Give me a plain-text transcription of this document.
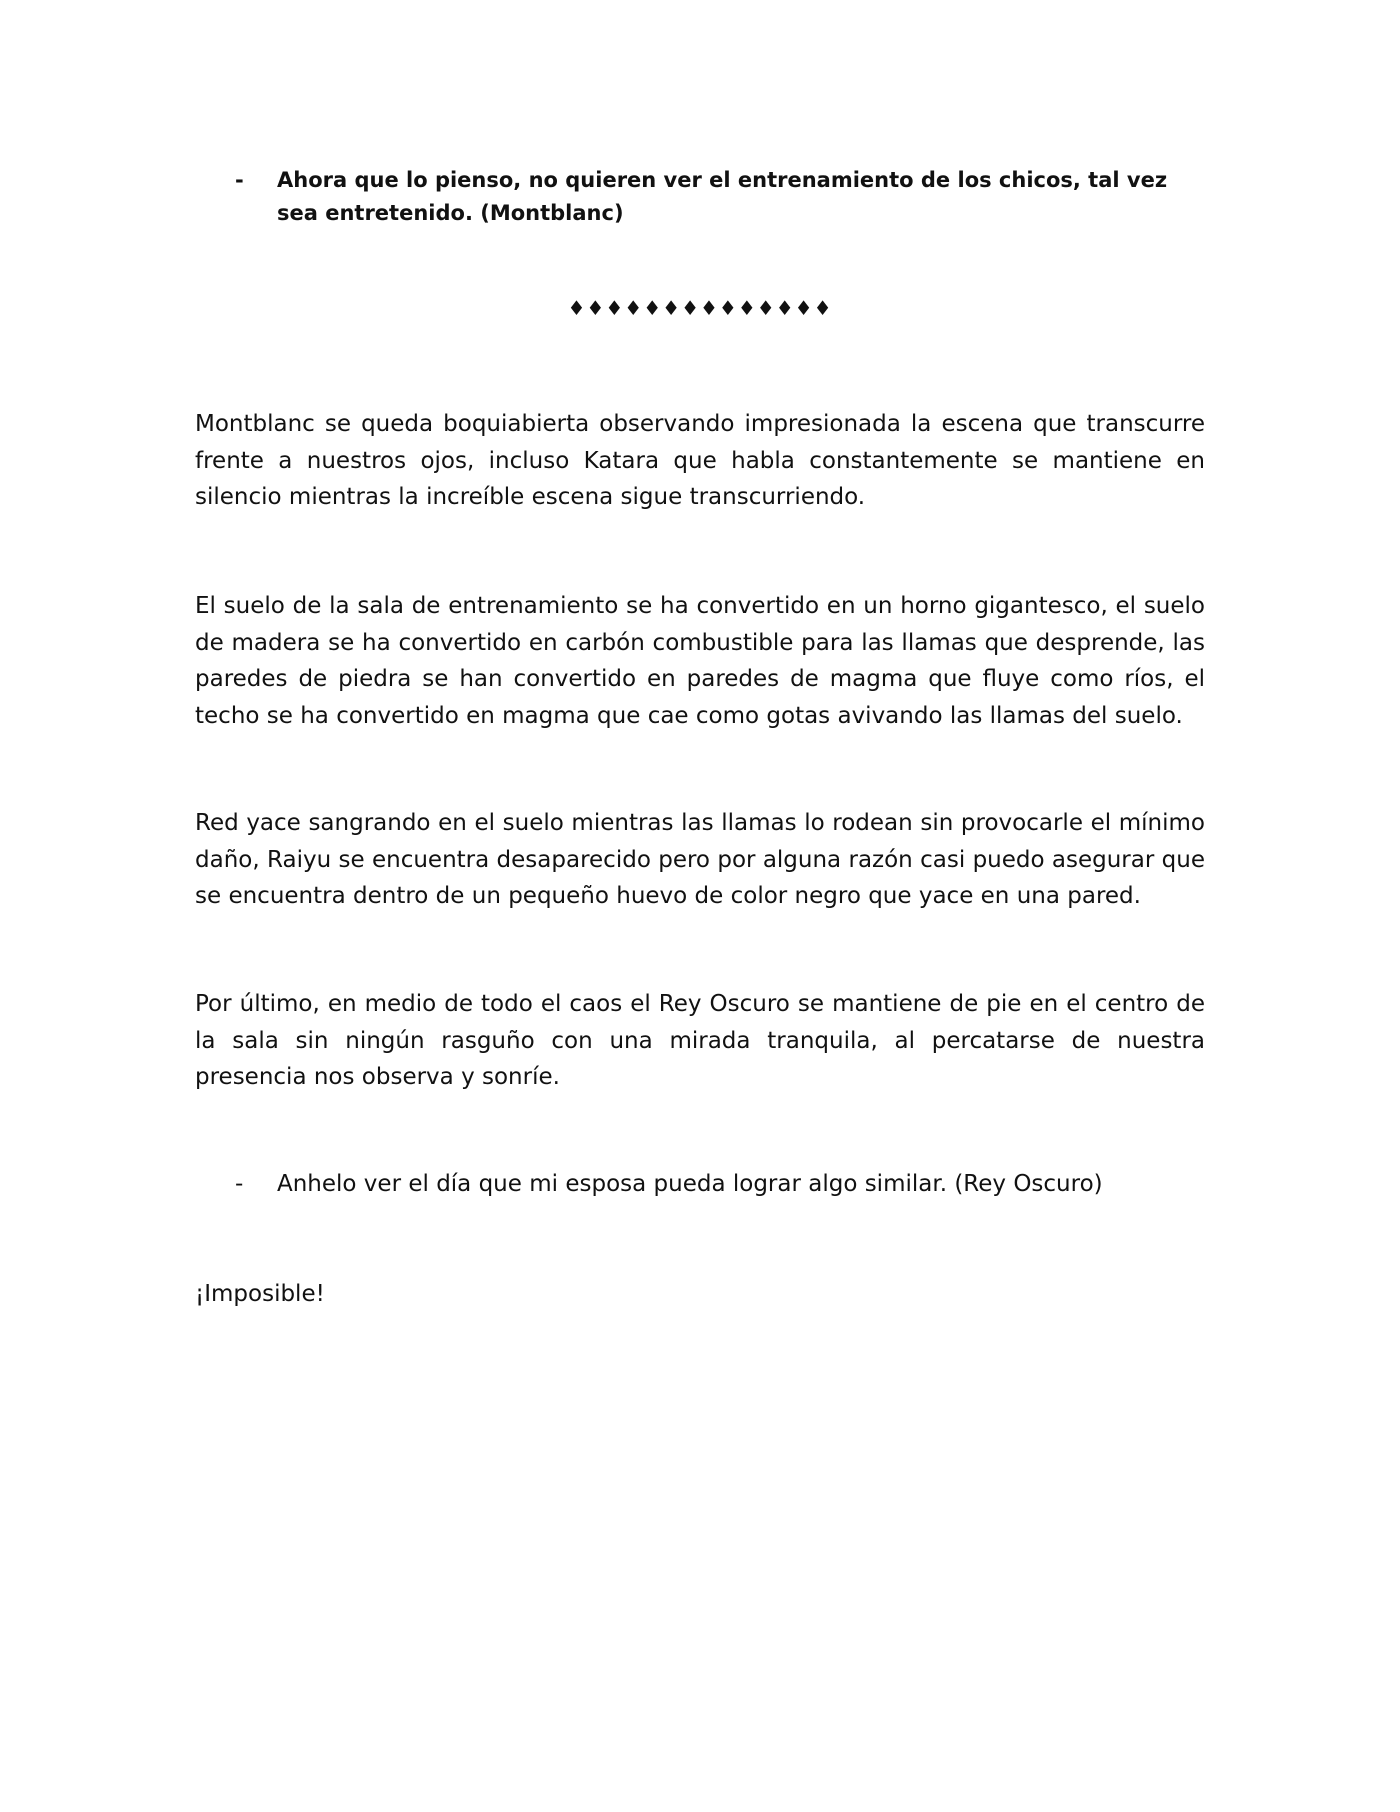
-	Ahora que lo pienso, no quieren ver el entrenamiento de los chicos, tal vez sea entretenido. (Montblanc)
♦♦♦♦♦♦♦♦♦♦♦♦♦♦

Montblanc se queda boquiabierta observando impresionada la escena que transcurre frente a nuestros ojos, incluso Katara que habla constantemente se mantiene en silencio mientras la increíble escena sigue transcurriendo.

El suelo de la sala de entrenamiento se ha convertido en un horno gigantesco, el suelo de madera se ha convertido en carbón combustible para las llamas que desprende, las paredes de piedra se han convertido en paredes de magma que fluye como ríos, el techo se ha convertido en magma que cae como gotas avivando las llamas del suelo.

Red yace sangrando en el suelo mientras las llamas lo rodean sin provocarle el mínimo daño, Raiyu se encuentra desaparecido pero por alguna razón casi puedo asegurar que se encuentra dentro de un pequeño huevo de color negro que yace en una pared.

Por último, en medio de todo el caos el Rey Oscuro se mantiene de pie en el centro de la sala sin ningún rasguño con una mirada tranquila, al percatarse de nuestra presencia nos observa y sonríe.

-	Anhelo ver el día que mi esposa pueda lograr algo similar. (Rey Oscuro)
¡Imposible!
